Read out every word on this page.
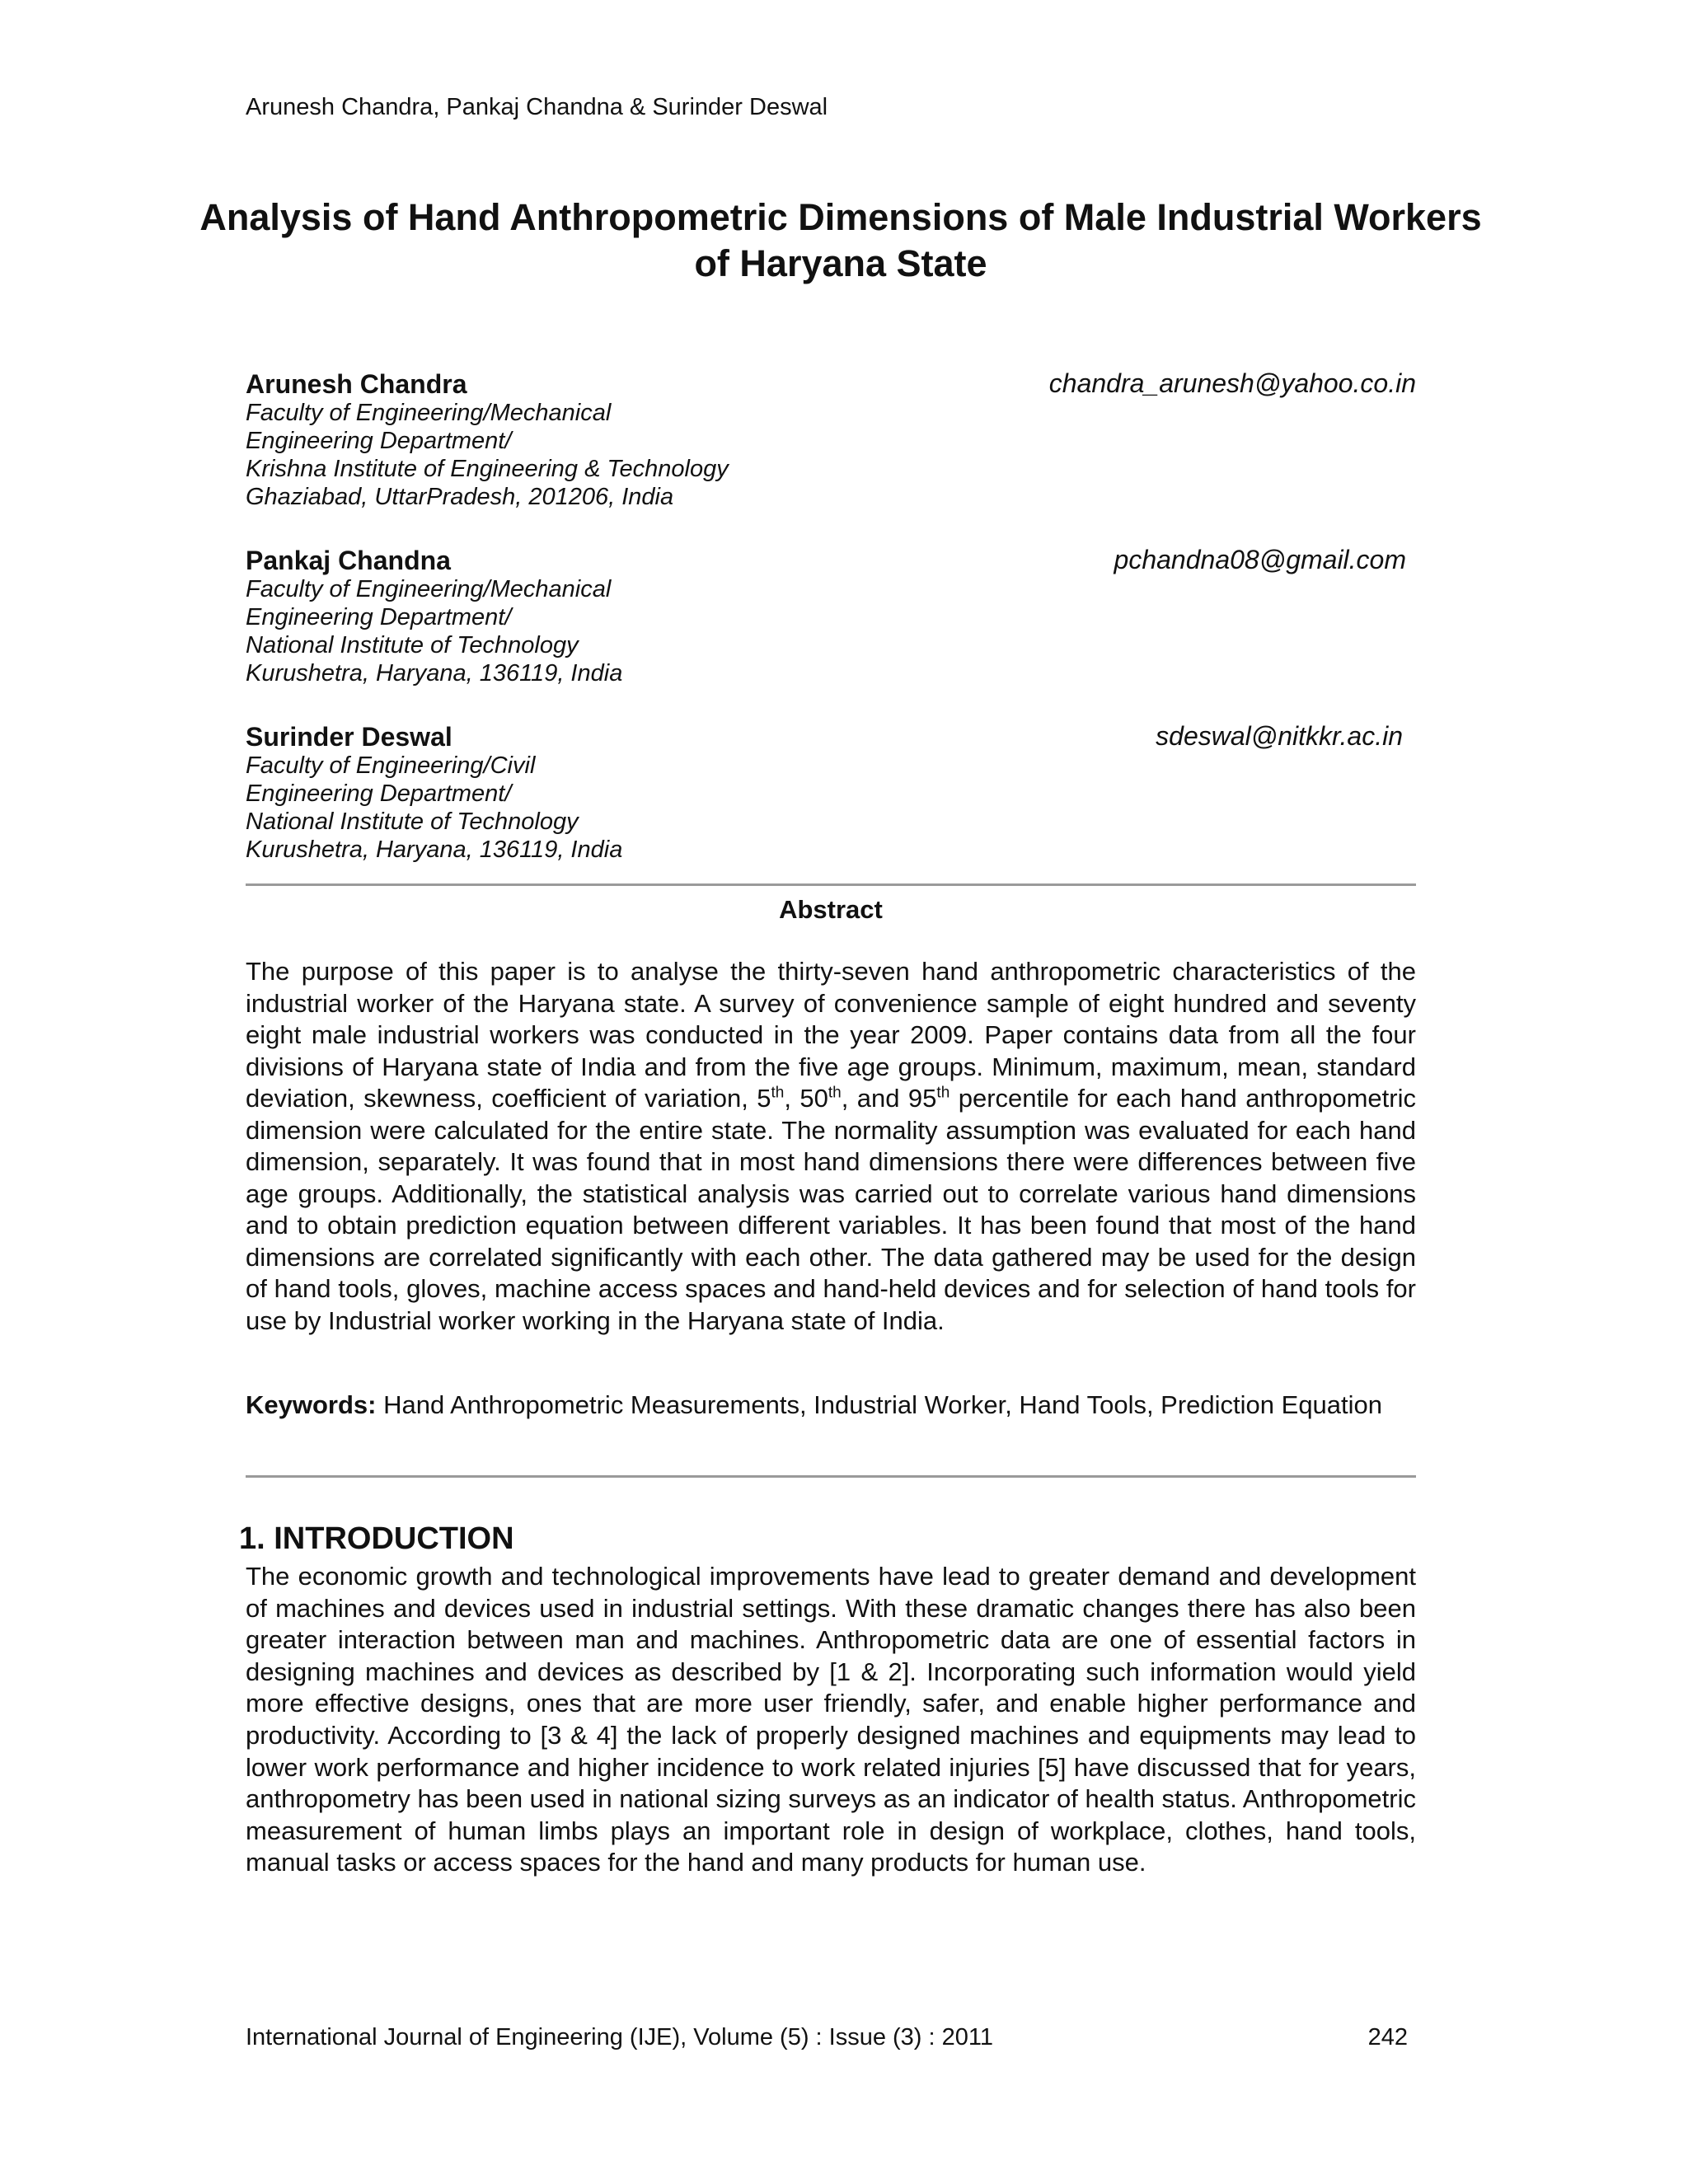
Arunesh Chandra, Pankaj Chandna & Surinder Deswal
Analysis of Hand Anthropometric Dimensions of Male Industrial Workers of Haryana State
Arunesh Chandra	chandra_arunesh@yahoo.co.in
Faculty of Engineering/Mechanical
Engineering Department/
Krishna Institute of Engineering & Technology
Ghaziabad, UttarPradesh, 201206, India
Pankaj Chandna	pchandna08@gmail.com
Faculty of Engineering/Mechanical
Engineering Department/
National Institute of Technology
Kurushetra, Haryana, 136119, India
Surinder Deswal	sdeswal@nitkkr.ac.in
Faculty of Engineering/Civil
Engineering Department/
National Institute of Technology
Kurushetra, Haryana, 136119, India
Abstract

The purpose of this paper is to analyse the thirty-seven hand anthropometric characteristics of the industrial worker of the Haryana state. A survey of convenience sample of eight hundred and seventy eight male industrial workers was conducted in the year 2009. Paper contains data from all the four divisions of Haryana state of India and from the five age groups. Minimum, maximum, mean, standard deviation, skewness, coefficient of variation, 5th, 50th, and 95th percentile for each hand anthropometric dimension were calculated for the entire state. The normality assumption was evaluated for each hand dimension, separately. It was found that in most hand dimensions there were differences between five age groups. Additionally, the statistical analysis was carried out to correlate various hand dimensions and to obtain prediction equation between different variables. It has been found that most of the hand dimensions are correlated significantly with each other. The data gathered may be used for the design of hand tools, gloves, machine access spaces and hand-held devices and for selection of hand tools for use by Industrial worker working in the Haryana state of India.

Keywords: Hand Anthropometric Measurements, Industrial Worker, Hand Tools, Prediction Equation

1. INTRODUCTION

The economic growth and technological improvements have lead to greater demand and development of machines and devices used in industrial settings. With these dramatic changes there has also been greater interaction between man and machines. Anthropometric data are one of essential factors in designing machines and devices as described by [1 & 2]. Incorporating such information would yield more effective designs, ones that are more user friendly, safer, and enable higher performance and productivity. According to [3 & 4] the lack of properly designed machines and equipments may lead to lower work performance and higher incidence to work related injuries [5] have discussed that for years, anthropometry has been used in national sizing surveys as an indicator of health status. Anthropometric measurement of human limbs plays an important role in design of workplace, clothes, hand tools, manual tasks or access spaces for the hand and many products for human use.

International Journal of Engineering (IJE), Volume (5) : Issue (3) : 2011	242
